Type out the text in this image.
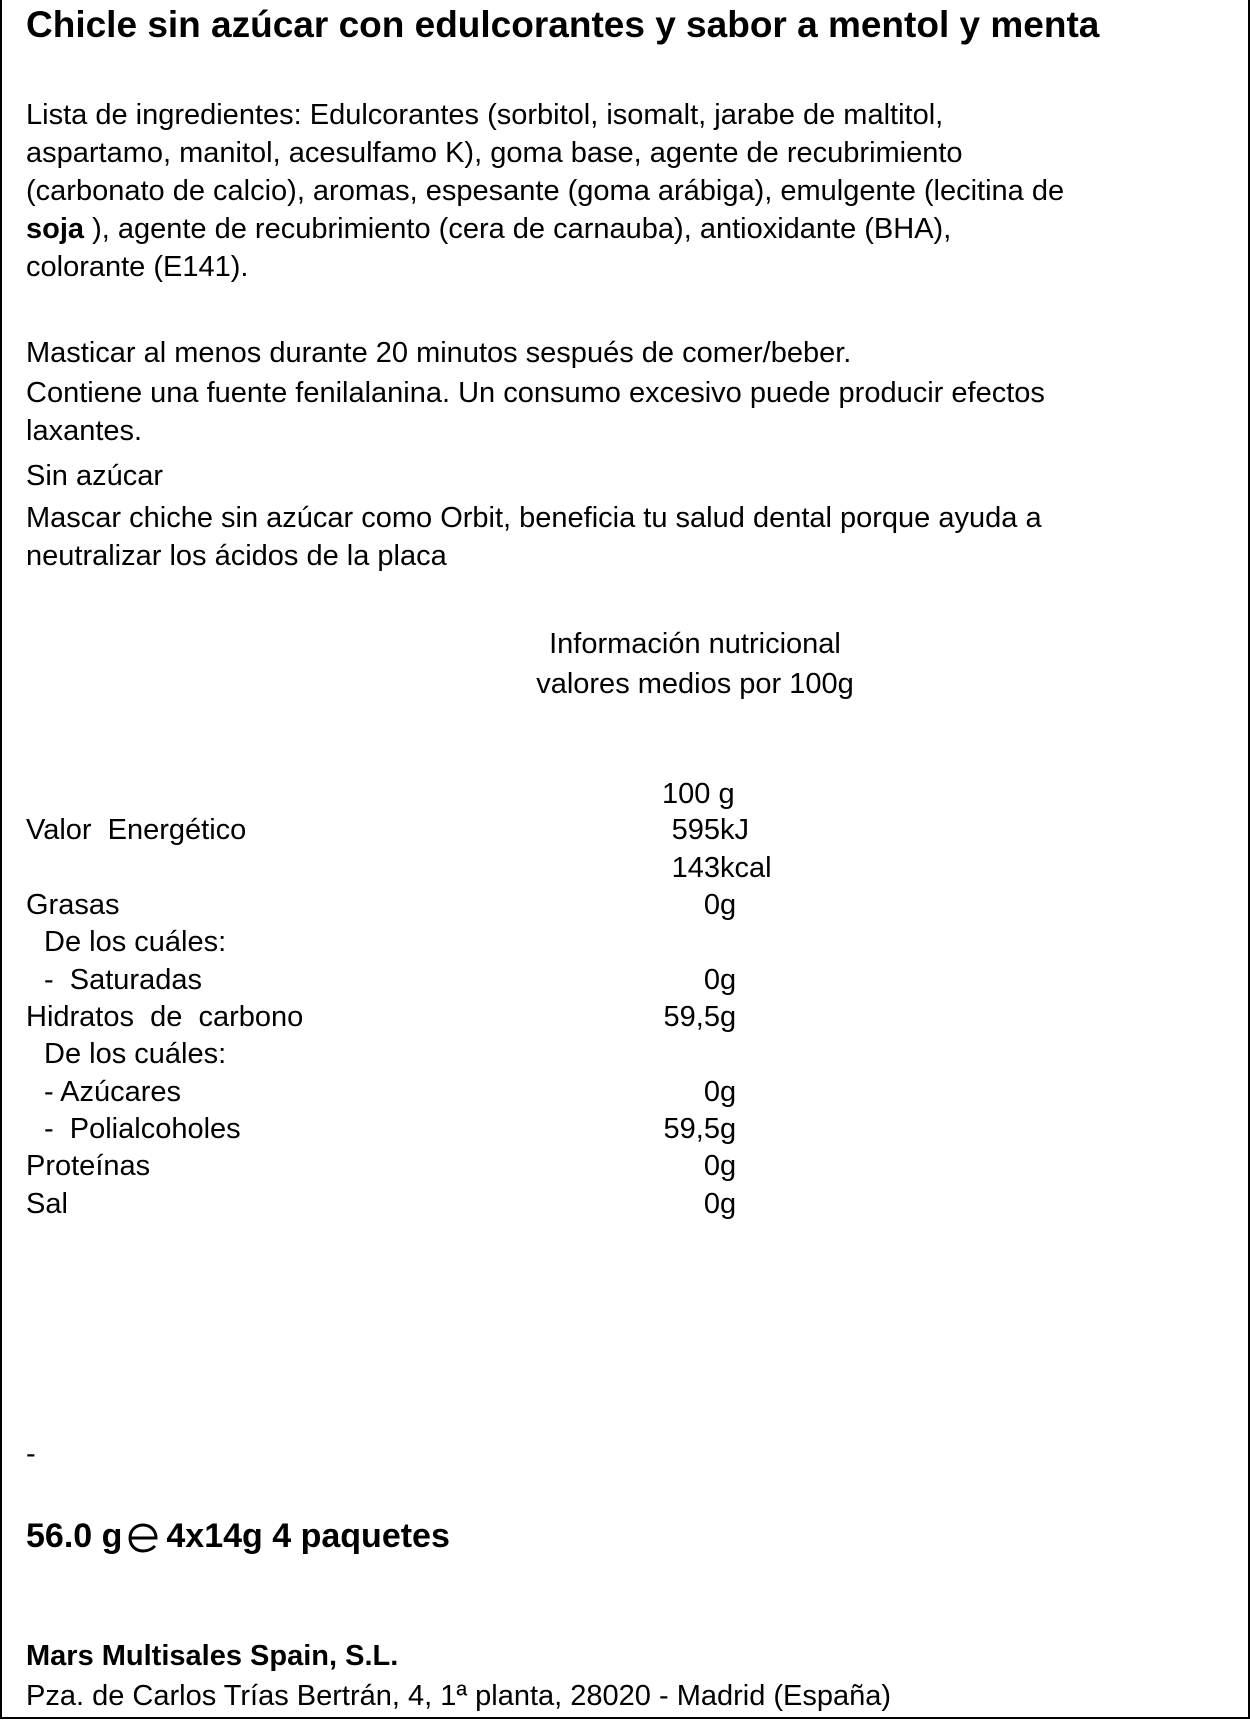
Chicle sin azúcar con edulcorantes y sabor a mentol y menta
Lista de ingredientes: Edulcorantes (sorbitol, isomalt, jarabe de maltitol,
aspartamo, manitol, acesulfamo K), goma base, agente de recubrimiento
(carbonato de calcio), aromas, espesante (goma arábiga), emulgente (lecitina de
soja ), agente de recubrimiento (cera de carnauba), antioxidante (BHA),
colorante (E141).
Masticar al menos durante 20 minutos sespués de comer/beber.
Contiene una fuente fenilalanina. Un consumo excesivo puede producir efectos
laxantes.
Sin azúcar
Mascar chiche sin azúcar como Orbit, beneficia tu salud dental porque ayuda a
neutralizar los ácidos de la placa
Información nutricional
valores medios por 100g
100 g
Valor  Energético	595 kJ
143 kcal
Grasas	0 g
De los cuáles:
-  Saturadas	0 g
Hidratos  de  carbono	59,5 g
De los cuáles:
- Azúcares	0 g
-  Polialcoholes	59,5 g
Proteínas	0 g
Sal	0 g
-
56.0 g 4x14g 4 paquetes
Mars Multisales Spain, S.L.
Pza. de Carlos Trías Bertrán, 4, 1ª planta, 28020 - Madrid (España)
